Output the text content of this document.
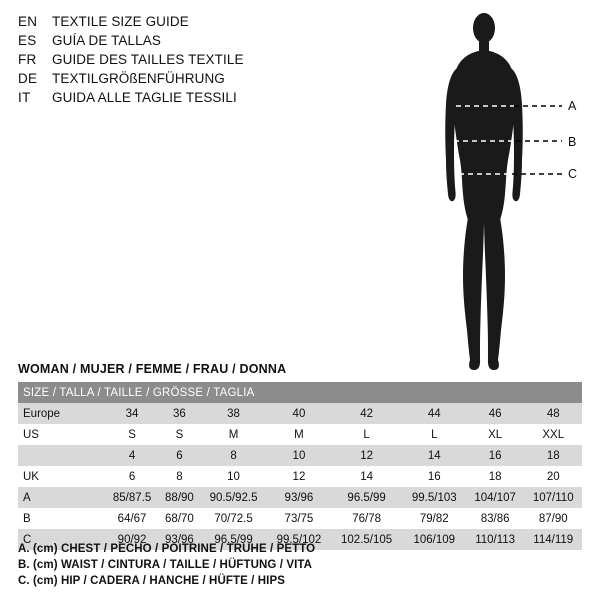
EN	TEXTILE SIZE GUIDE
ES	GUÍA DE TALLAS
FR	GUIDE DES TAILLES TEXTILE
DE	TEXTILGRÖßENFÜHRUNG
IT	GUIDA ALLE TAGLIE TESSILI
A
B
C
WOMAN / MUJER / FEMME / FRAU / DONNA
SIZE / TALLA / TAILLE / GRÖSSE / TAGLIA								
Europe	34	36	38	40	42	44	46	48
US	S	S	M	M	L	L	XL	XXL
	4	6	8	10	12	14	16	18
UK	6	8	10	12	14	16	18	20
A	85/87.5	88/90	90.5/92.5	93/96	96.5/99	99.5/103	104/107	107/110
B	64/67	68/70	70/72.5	73/75	76/78	79/82	83/86	87/90
C	90/92	93/96	96.5/99	99.5/102	102.5/105	106/109	110/113	114/119
A. (cm) CHEST / PECHO / POITRINE / TRUHE / PETTO
B. (cm) WAIST / CINTURA / TAILLE / HÜFTUNG / VITA
C. (cm) HIP / CADERA / HANCHE / HÜFTE / HIPS
